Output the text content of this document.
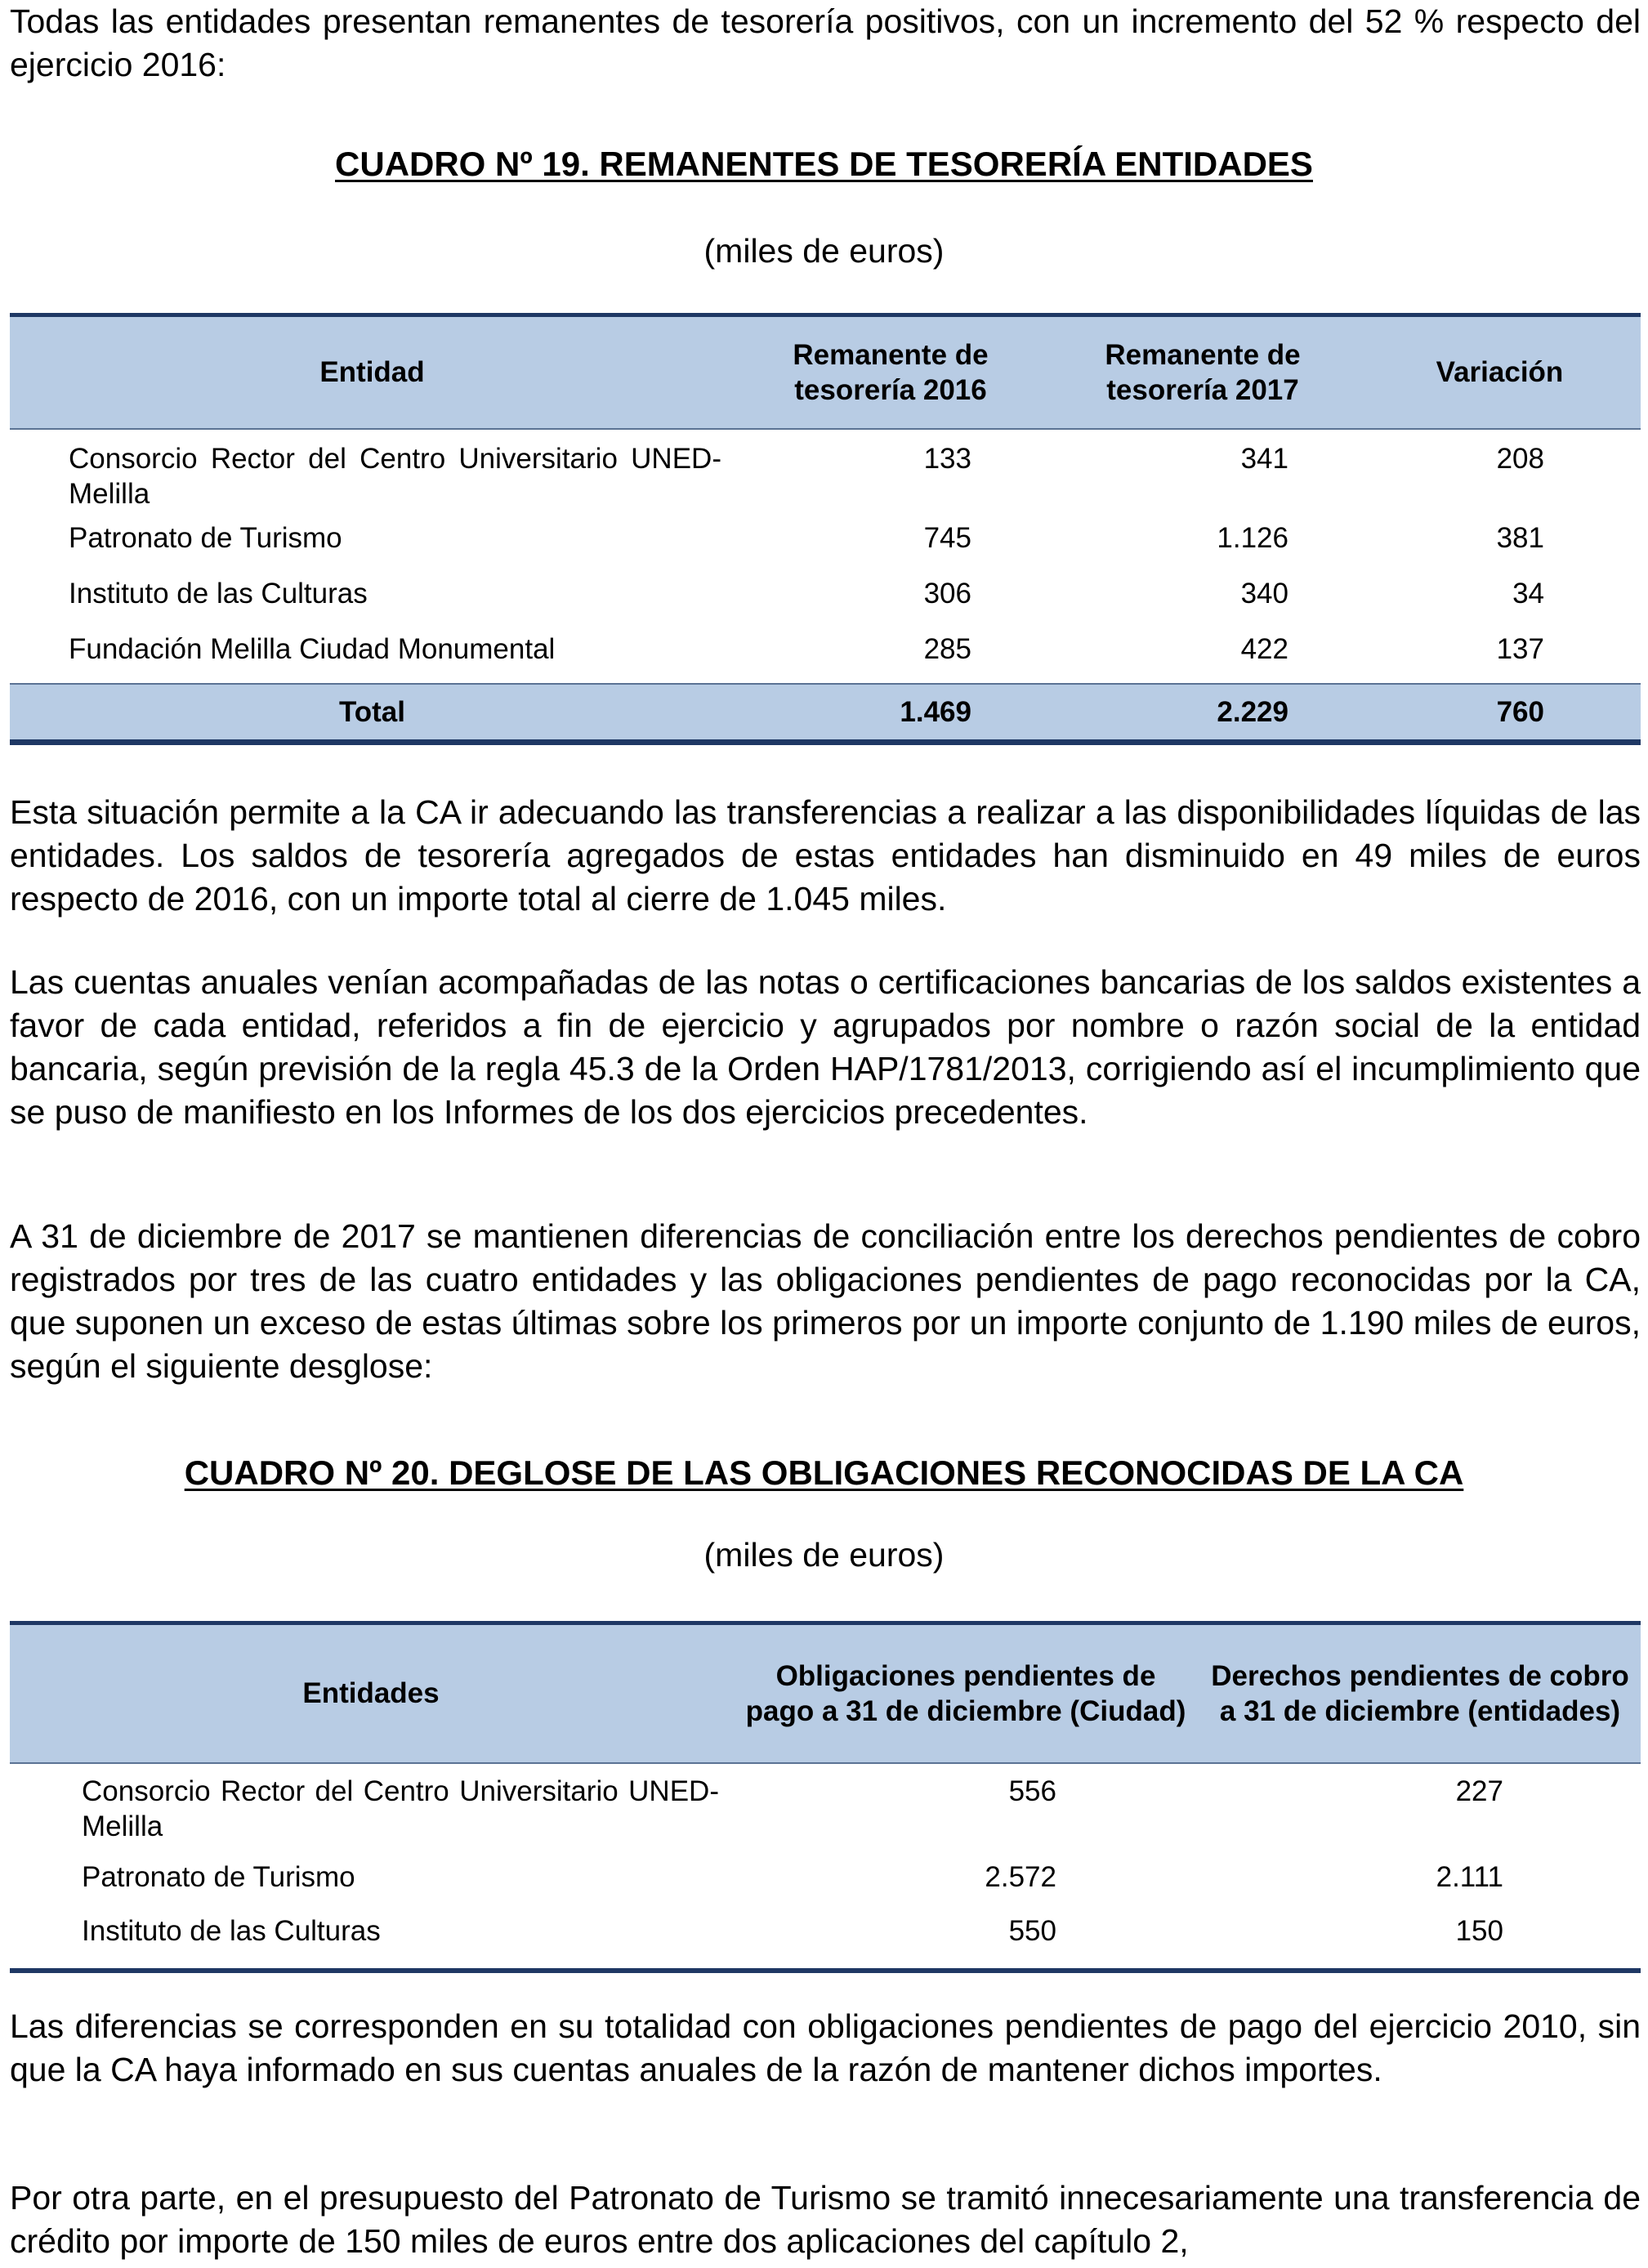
Todas las entidades presentan remanentes de tesorería positivos, con un incremento del 52 % respecto del ejercicio 2016:

CUADRO Nº 19. REMANENTES DE TESORERÍA ENTIDADES
(miles de euros)
Entidad	Remanente de tesorería 2016	Remanente de tesorería 2017	Variación
Consorcio Rector del Centro Universitario UNED-Melilla	133	341	208
Patronato de Turismo	745	1.126	381
Instituto de las Culturas	306	340	34
Fundación Melilla Ciudad Monumental	285	422	137
Total	1.469	2.229	760

Esta situación permite a la CA ir adecuando las transferencias a realizar a las disponibilidades líquidas de las entidades. Los saldos de tesorería agregados de estas entidades han disminuido en 49 miles de euros respecto de 2016, con un importe total al cierre de 1.045 miles.

Las cuentas anuales venían acompañadas de las notas o certificaciones bancarias de los saldos existentes a favor de cada entidad, referidos a fin de ejercicio y agrupados por nombre o razón social de la entidad bancaria, según previsión de la regla 45.3 de la Orden HAP/1781/2013, corrigiendo así el incumplimiento que se puso de manifiesto en los Informes de los dos ejercicios precedentes.

A 31 de diciembre de 2017 se mantienen diferencias de conciliación entre los derechos pendientes de cobro registrados por tres de las cuatro entidades y las obligaciones pendientes de pago reconocidas por la CA, que suponen un exceso de estas últimas sobre los primeros por un importe conjunto de 1.190 miles de euros, según el siguiente desglose:

CUADRO Nº 20. DEGLOSE DE LAS OBLIGACIONES RECONOCIDAS DE LA CA
(miles de euros)
Entidades	Obligaciones pendientes de pago a 31 de diciembre (Ciudad)	Derechos pendientes de cobro a 31 de diciembre (entidades)
Consorcio Rector del Centro Universitario UNED-Melilla	556	227
Patronato de Turismo	2.572	2.111
Instituto de las Culturas	550	150

Las diferencias se corresponden en su totalidad con obligaciones pendientes de pago del ejercicio 2010, sin que la CA haya informado en sus cuentas anuales de la razón de mantener dichos importes.

Por otra parte, en el presupuesto del Patronato de Turismo se tramitó innecesariamente una transferencia de crédito por importe de 150 miles de euros entre dos aplicaciones del capítulo 2,
